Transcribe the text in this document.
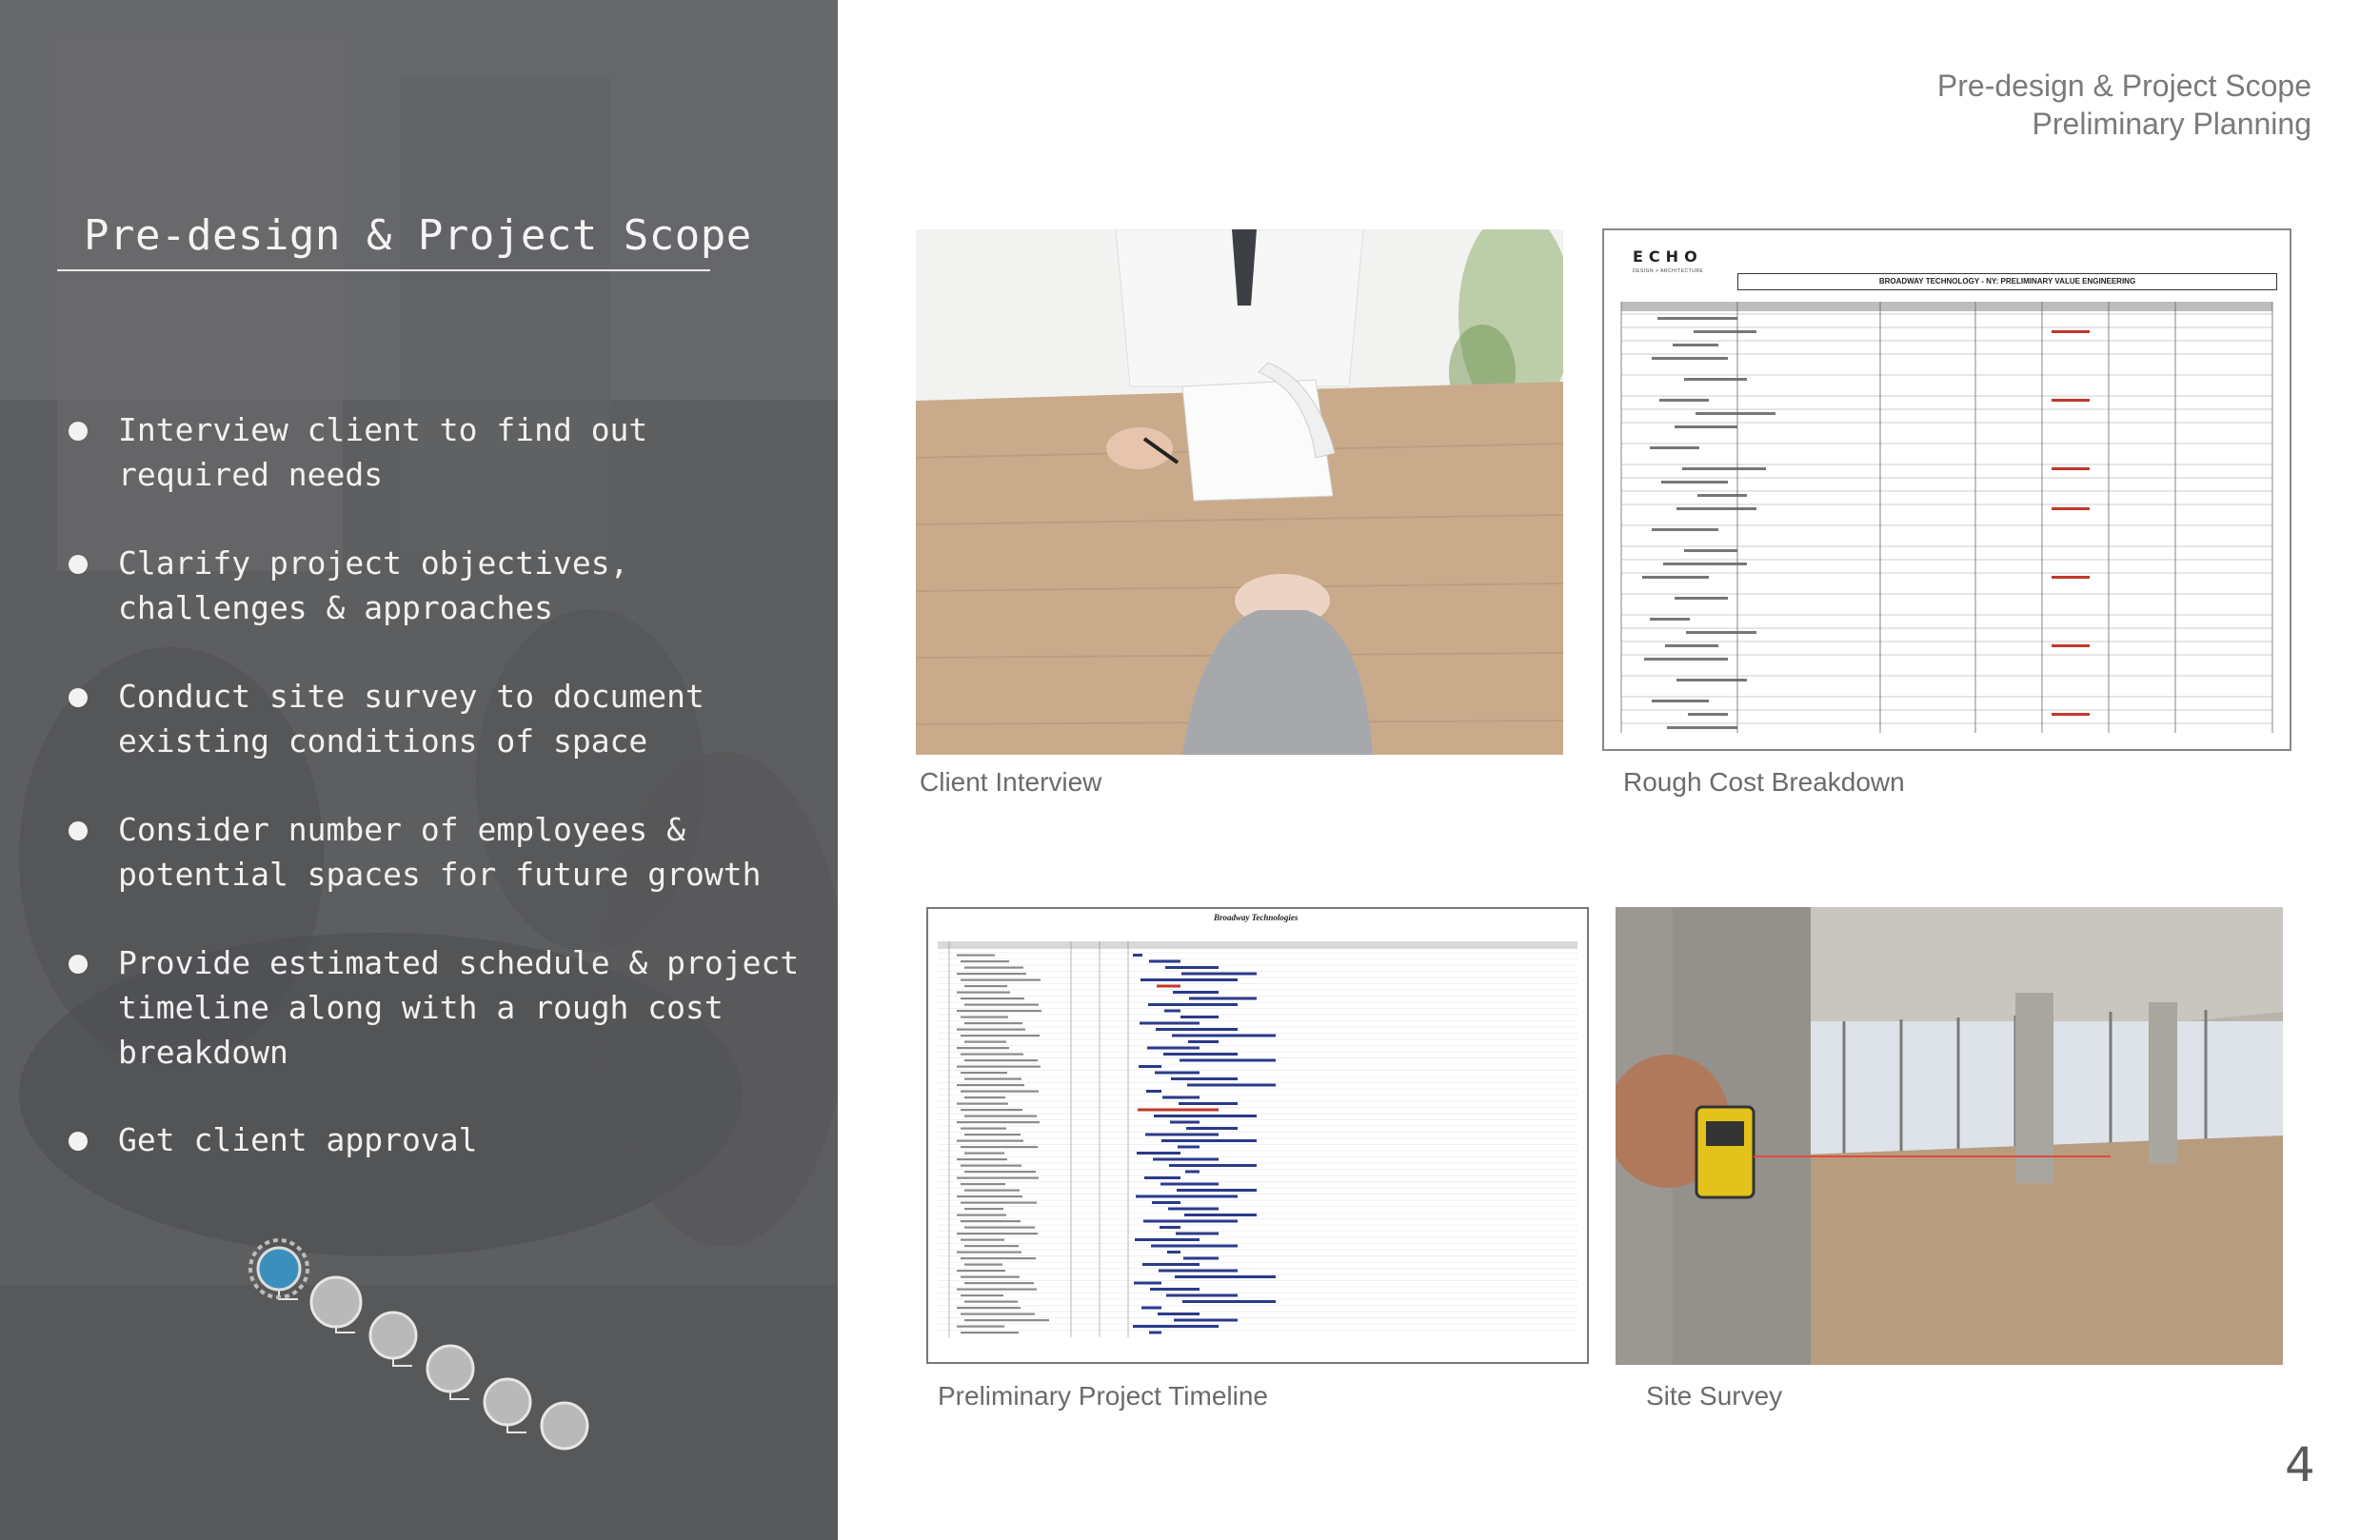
Pre-design & Project Scope
Interview client to find out required needs
Clarify project objectives, challenges & approaches
Conduct site survey to document existing conditions of space
Consider number of employees & potential spaces for future growth
Provide estimated schedule & project timeline along with a rough cost breakdown
Get client approval
Pre-design & Project Scope
Preliminary Planning
Client Interview
ECHO
DESIGN + ARCHITECTURE
BROADWAY TECHNOLOGY - NY: PRELIMINARY VALUE ENGINEERING
Rough Cost Breakdown
Broadway Technologies
Preliminary Project Timeline	Site Survey
4
